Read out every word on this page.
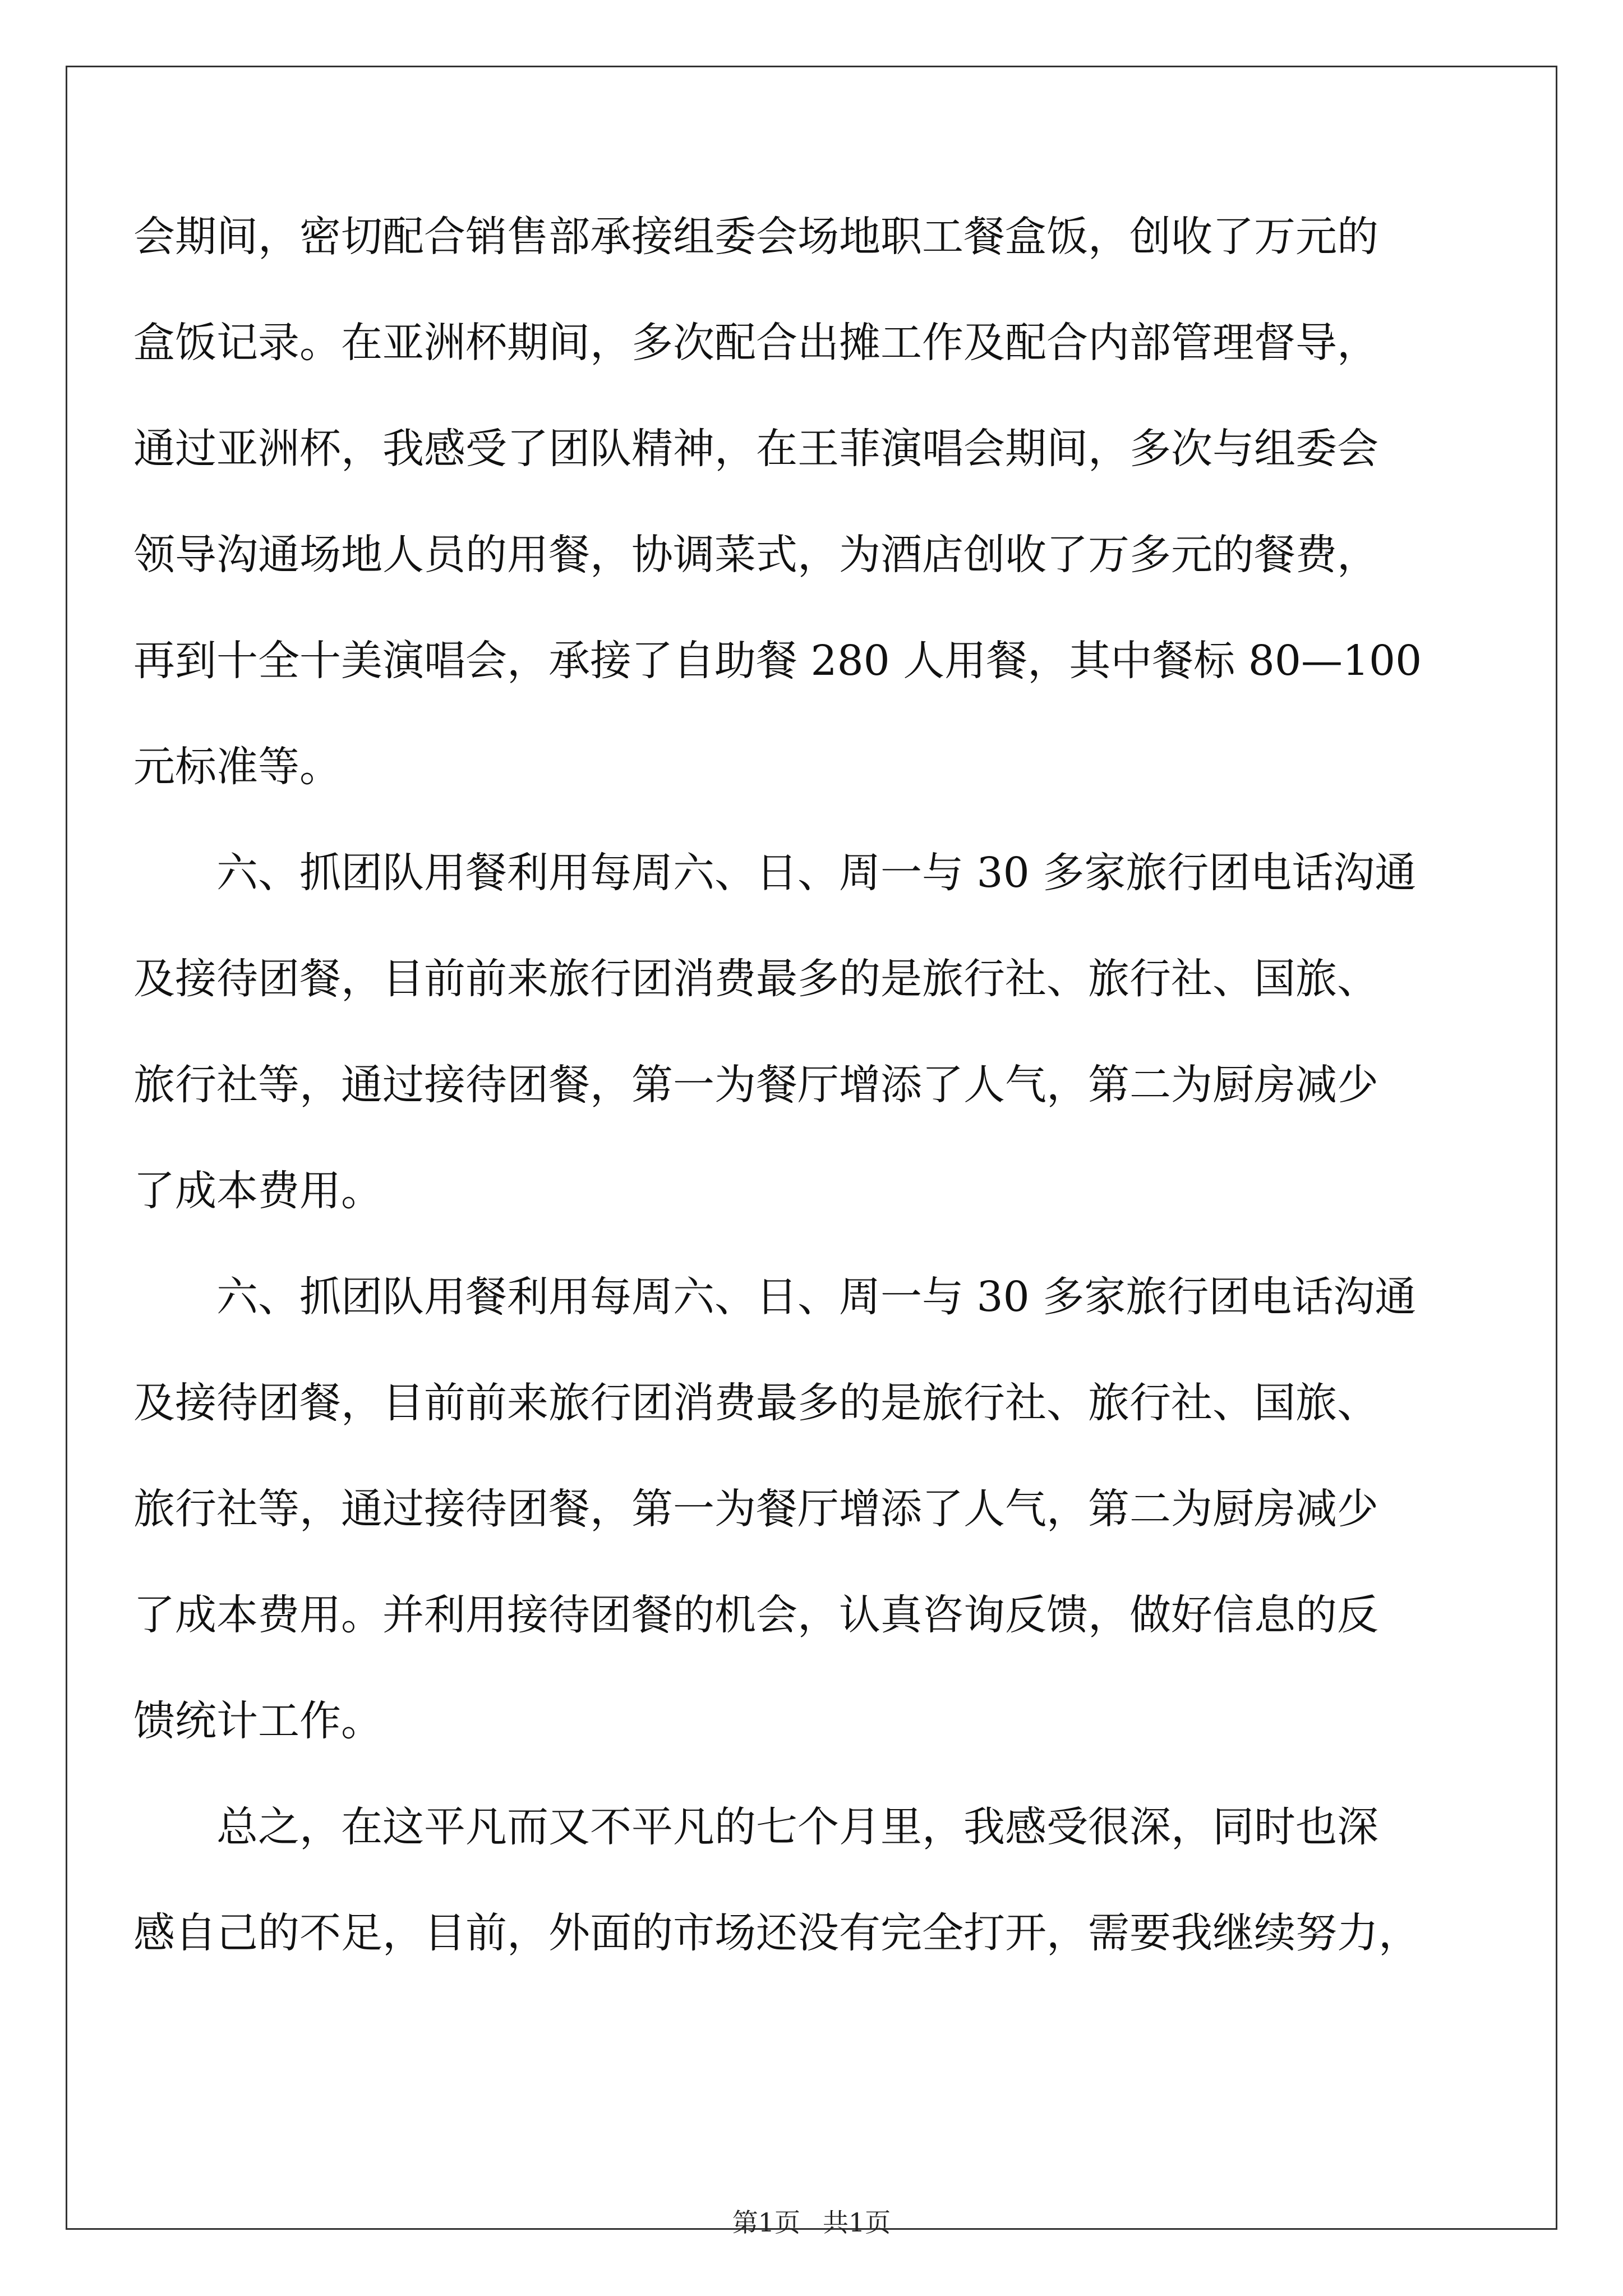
会期间，密切配合销售部承接组委会场地职工餐盒饭，创收了万元的

盒饭记录。在亚洲杯期间，多次配合出摊工作及配合内部管理督导，

通过亚洲杯，我感受了团队精神，在王菲演唱会期间，多次与组委会

领导沟通场地人员的用餐，协调菜式，为酒店创收了万多元的餐费，

再到十全十美演唱会，承接了自助餐 280 人用餐，其中餐标 80—100

元标准等。

六、抓团队用餐利用每周六、日、周一与 30 多家旅行团电话沟通

及接待团餐，目前前来旅行团消费最多的是旅行社、旅行社、国旅、

旅行社等，通过接待团餐，第一为餐厅增添了人气，第二为厨房减少

了成本费用。

六、抓团队用餐利用每周六、日、周一与 30 多家旅行团电话沟通

及接待团餐，目前前来旅行团消费最多的是旅行社、旅行社、国旅、

旅行社等，通过接待团餐，第一为餐厅增添了人气，第二为厨房减少

了成本费用。并利用接待团餐的机会，认真咨询反馈，做好信息的反

馈统计工作。

总之，在这平凡而又不平凡的七个月里，我感受很深，同时也深

感自己的不足，目前，外面的市场还没有完全打开，需要我继续努力，

第1页 共1页
